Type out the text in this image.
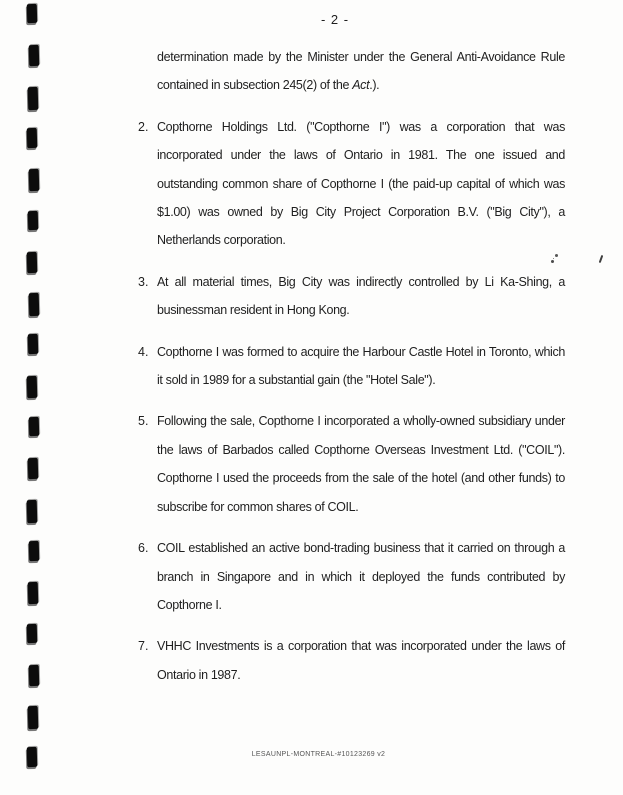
- 2 -
determination made by the Minister under the General Anti-Avoidance Rule contained in subsection 245(2) of the Act.).
2. Copthorne Holdings Ltd. ("Copthorne I") was a corporation that was incorporated under the laws of Ontario in 1981. The one issued and outstanding common share of Copthorne I (the paid-up capital of which was $1.00) was owned by Big City Project Corporation B.V. ("Big City"), a Netherlands corporation.
3. At all material times, Big City was indirectly controlled by Li Ka-Shing, a businessman resident in Hong Kong.
4. Copthorne I was formed to acquire the Harbour Castle Hotel in Toronto, which it sold in 1989 for a substantial gain (the "Hotel Sale").
5. Following the sale, Copthorne I incorporated a wholly-owned subsidiary under the laws of Barbados called Copthorne Overseas Investment Ltd. ("COIL"). Copthorne I used the proceeds from the sale of the hotel (and other funds) to subscribe for common shares of COIL.
6. COIL established an active bond-trading business that it carried on through a branch in Singapore and in which it deployed the funds contributed by Copthorne I.
7. VHHC Investments is a corporation that was incorporated under the laws of Ontario in 1987.
LESAUNPL-MONTREAL-#10123269 v2
